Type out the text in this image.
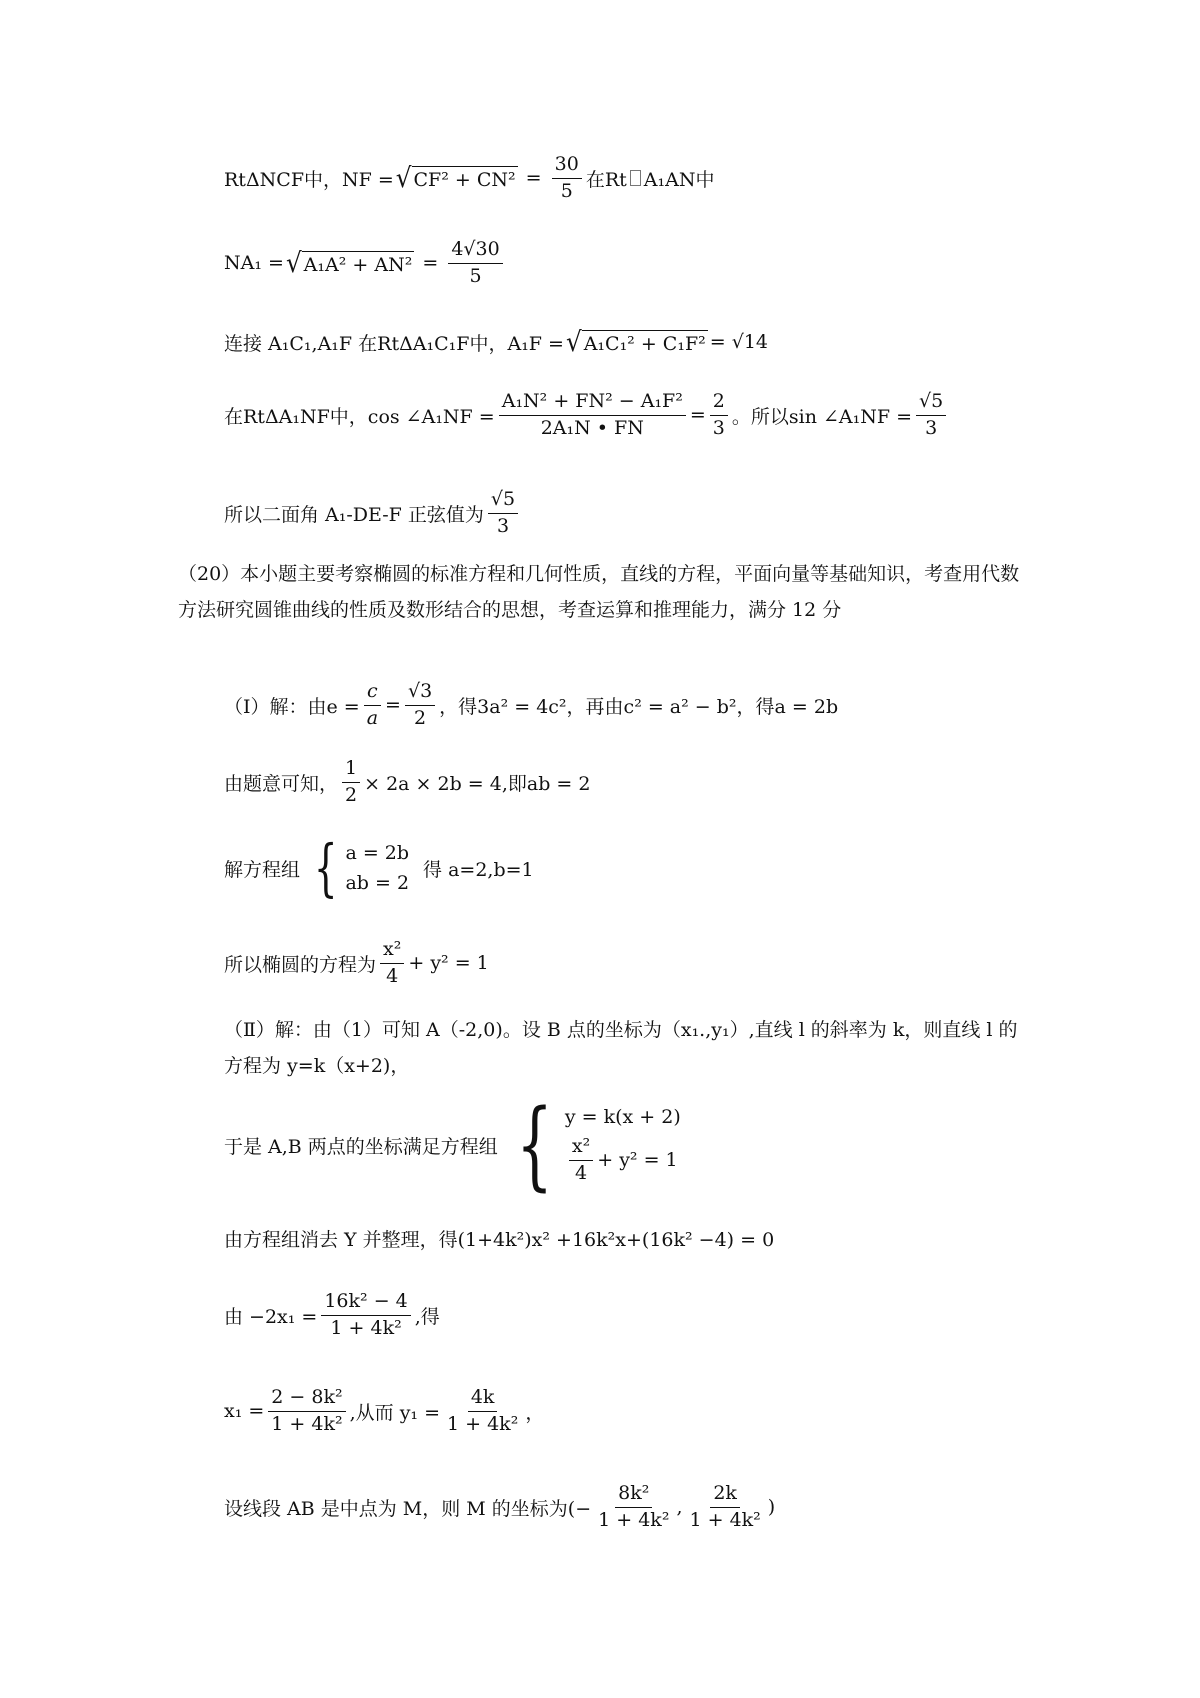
RtΔNCF中，NF = √ $CF^2 + CN^2 = \frac{30}{5}$ 在Rt A₁AN中
NA₁ = √ $A_1A^2 + AN^2 = \frac{4√30}{5}$
连接 A₁C₁,A₁F 在RtΔA₁C₁F中，A₁F = √ A₁C₁² + C₁F² = √14
在RtΔA₁NF中，cos ∠A₁NF = $\frac{\text{A₁N² + FN² − A₁F²}}{\text{2A₁N • FN}} = \frac{2}{3}$ 。所以sin ∠A₁NF = $\frac{√5}{3}$
所以二面角 A₁-DE-F 正弦值为 $\frac{√5}{3}$
（20）本小题主要考察椭圆的标准方程和几何性质，直线的方程，平面向量等基础知识，考查用代数方法研究圆锥曲线的性质及数形结合的思想，考查运算和推理能力，满分 12 分
（Ⅰ）解：由$e = \frac{c}{a} = \frac{√3}{2}$ ，得3a² = 4c²，再由c² = a² − b²，得a = 2b
由题意可知， $\frac{1}{2} \times 2a \times 2b = 4$,即ab = 2
解方程组 { a = 2b
ab = 2
得 a=2,b=1
所以椭圆的方程为 $\frac{\text{x²}}{4} + y^2 = 1$
（Ⅱ）解：由（1）可知 A（-2,0)。设 B 点的坐标为（x₁.,y₁）,直线 l 的斜率为 k，则直线 l 的方程为 y=k（x+2)，
于是 A,B 两点的坐标满足方程组 { y = k(x + 2)
$\frac{\text{x²}}{4} + y^2 = 1$
由方程组消去 Y 并整理，得(1+4k²)x² +16k²x+(16k² −4) = 0
由 $-2x_1 = \frac{\text{16k² − 4}}{\text{1 + 4k²}}$ ,得
$x_1 = \frac{\text{2 − 8k²}}{\text{1 + 4k²}}$ ,从而 $y_1 = \frac{4k}{\text{1 + 4k²}}$ ，
设线段 AB 是中点为 M，则 M 的坐标为(− $\frac{\text{8k²}}{\text{1 + 4k²}}$ , $\frac{2k}{\text{1 + 4k²}}$ )
